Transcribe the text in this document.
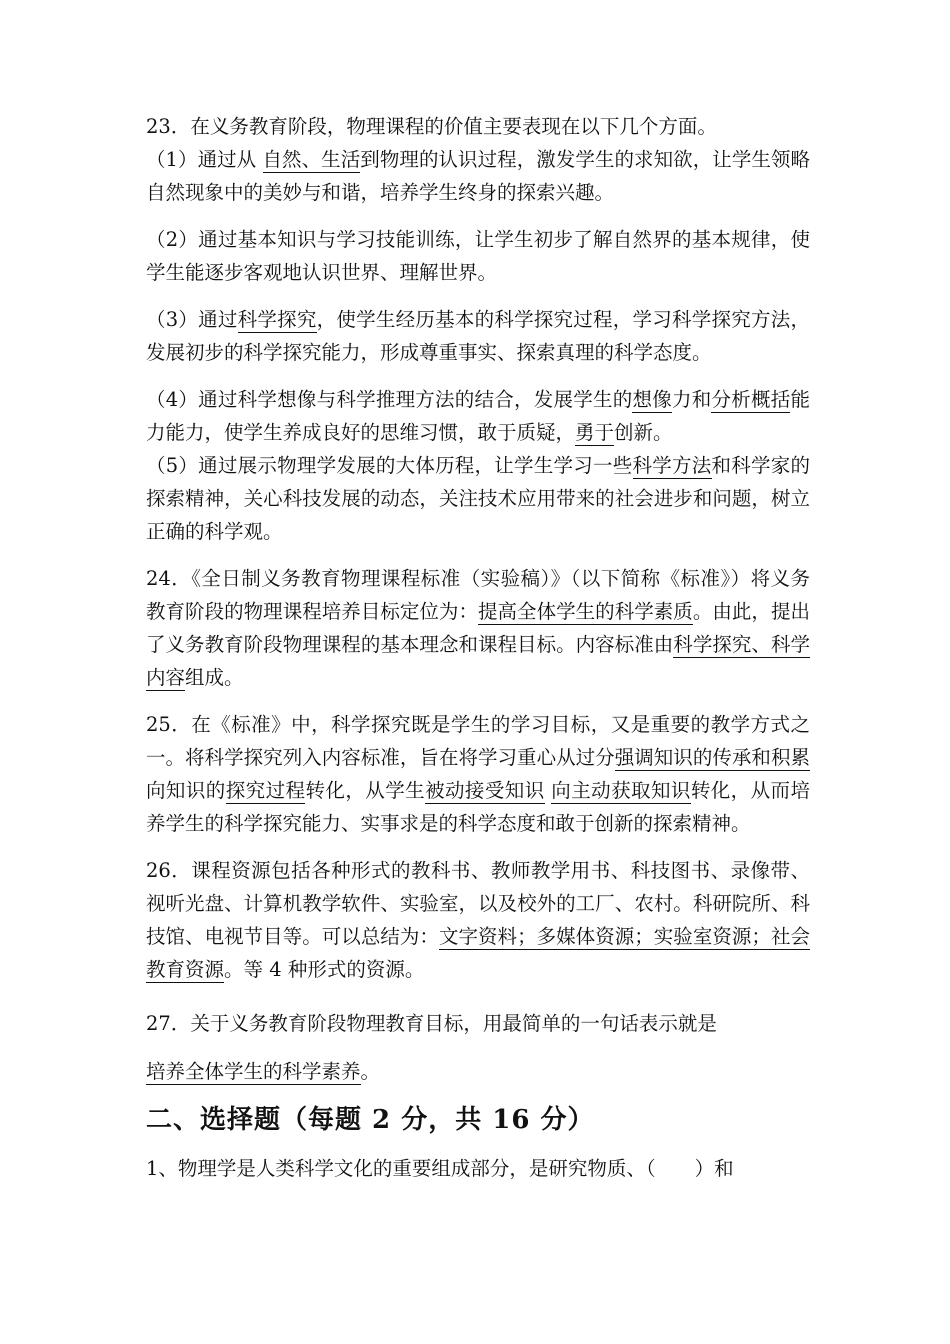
23．在义务教育阶段，物理课程的价值主要表现在以下几个方面。

（1）通过从 自然、生活到物理的认识过程，激发学生的求知欲，让学生领略自然现象中的美妙与和谐，培养学生终身的探索兴趣。

（2）通过基本知识与学习技能训练，让学生初步了解自然界的基本规律，使学生能逐步客观地认识世界、理解世界。

（3）通过科学探究，使学生经历基本的科学探究过程，学习科学探究方法，发展初步的科学探究能力，形成尊重事实、探索真理的科学态度。

（4）通过科学想像与科学推理方法的结合，发展学生的想像力和分析概括能力能力，使学生养成良好的思维习惯，敢于质疑，勇于创新。

（5）通过展示物理学发展的大体历程，让学生学习一些科学方法和科学家的探索精神，关心科技发展的动态，关注技术应用带来的社会进步和问题，树立正确的科学观。

24．《全日制义务教育物理课程标准（实验稿）》（以下简称《标准》）将义务教育阶段的物理课程培养目标定位为：提高全体学生的科学素质。由此，提出了义务教育阶段物理课程的基本理念和课程目标。内容标准由科学探究、科学内容组成。

25．在《标准》中，科学探究既是学生的学习目标，又是重要的教学方式之一。将科学探究列入内容标准，旨在将学习重心从过分强调知识的传承和积累向知识的探究过程转化，从学生被动接受知识 向主动获取知识转化，从而培养学生的科学探究能力、实事求是的科学态度和敢于创新的探索精神。

26．课程资源包括各种形式的教科书、教师教学用书、科技图书、录像带、视听光盘、计算机教学软件、实验室，以及校外的工厂、农村。科研院所、科技馆、电视节目等。可以总结为：文字资料；多媒体资源；实验室资源；社会教育资源。等 4 种形式的资源。

27．关于义务教育阶段物理教育目标，用最简单的一句话表示就是
培养全体学生的科学素养。

二、选择题（每题 2 分，共 16 分）

1、物理学是人类科学文化的重要组成部分，是研究物质、（　　）和
